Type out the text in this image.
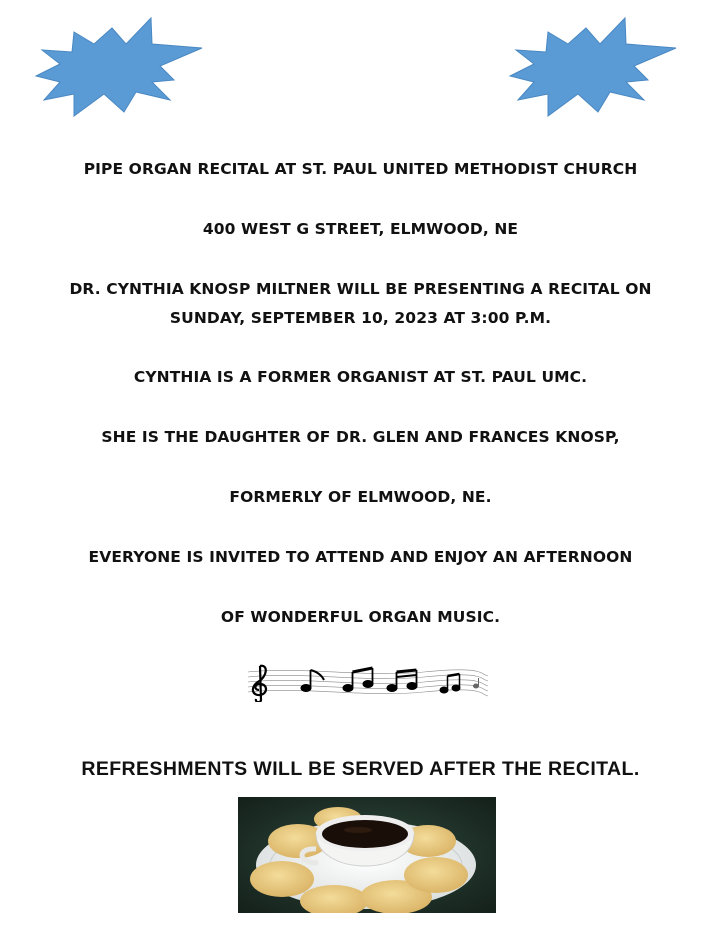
PIPE ORGAN RECITAL AT ST. PAUL UNITED METHODIST CHURCH
400 WEST G STREET, ELMWOOD, NE
DR. CYNTHIA KNOSP MILTNER WILL BE PRESENTING A RECITAL ON
SUNDAY, SEPTEMBER 10, 2023 AT 3:00 P.M.
CYNTHIA IS A FORMER ORGANIST AT ST. PAUL UMC.
SHE IS THE DAUGHTER OF DR. GLEN AND FRANCES KNOSP,
FORMERLY OF ELMWOOD, NE.
EVERYONE IS INVITED TO ATTEND AND ENJOY AN AFTERNOON
OF WONDERFUL ORGAN MUSIC.
REFRESHMENTS WILL BE SERVED AFTER THE RECITAL.
